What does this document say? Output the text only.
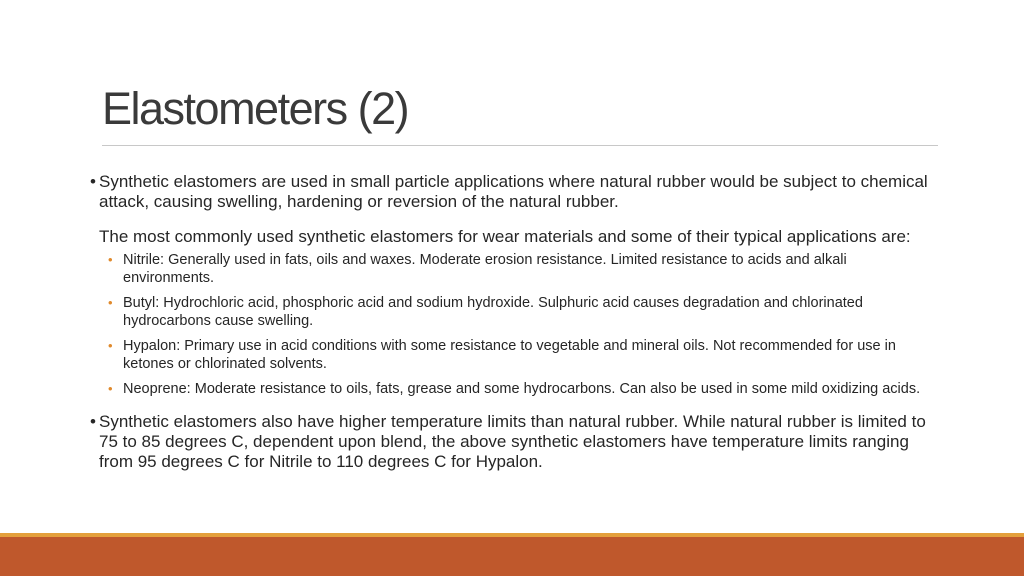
Elastometers (2)
• Synthetic elastomers are used in small particle applications where natural rubber would be subject to chemical attack, causing swelling, hardening or reversion of the natural rubber.
The most commonly used synthetic elastomers for wear materials and some of their typical applications are:
• Nitrile: Generally used in fats, oils and waxes. Moderate erosion resistance. Limited resistance to acids and alkali environments.
• Butyl: Hydrochloric acid, phosphoric acid and sodium hydroxide. Sulphuric acid causes degradation and chlorinated hydrocarbons cause swelling.
• Hypalon: Primary use in acid conditions with some resistance to vegetable and mineral oils. Not recommended for use in ketones or chlorinated solvents.
• Neoprene: Moderate resistance to oils, fats, grease and some hydrocarbons. Can also be used in some mild oxidizing acids.
• Synthetic elastomers also have higher temperature limits than natural rubber. While natural rubber is limited to 75 to 85 degrees C, dependent upon blend, the above synthetic elastomers have temperature limits ranging from 95 degrees C for Nitrile to 110 degrees C for Hypalon.
